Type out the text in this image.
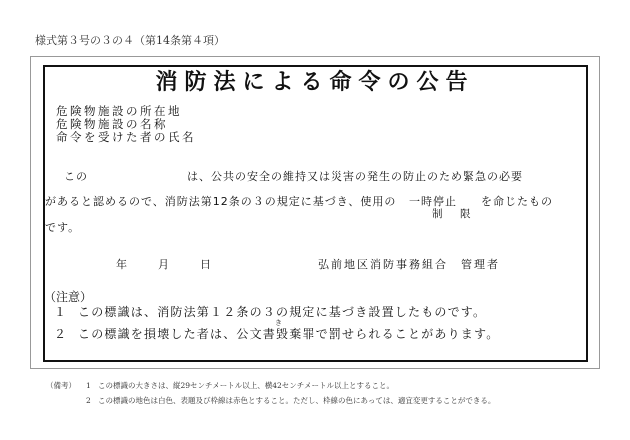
様式第３号の３の４（第14条第４項）
消防法による命令の公告
危険物施設の所在地
危険物施設の名称
命令を受けた者の氏名
この	は、公共の安全の維持又は災害の発生の防止のため緊急の必要
があると認めるので、消防法第12条の３の規定に基づき、使用の 一時停止 を命じたもの
制 限
です。
年	月	日	弘前地区消防事務組合　管理者
（注意）
１ この標識は、消防法第１２条の３の規定に基づき設置したものです。
き
２ この標識を損壊した者は、公文書毀棄罪で罰せられることがあります。
（備考） 1 この標識の大きさは、縦29センチメートル以上、横42センチメートル以上とすること。
2 この標識の地色は白色、表題及び枠線は赤色とすること。ただし、枠線の色にあっては、適宜変更することができる。
